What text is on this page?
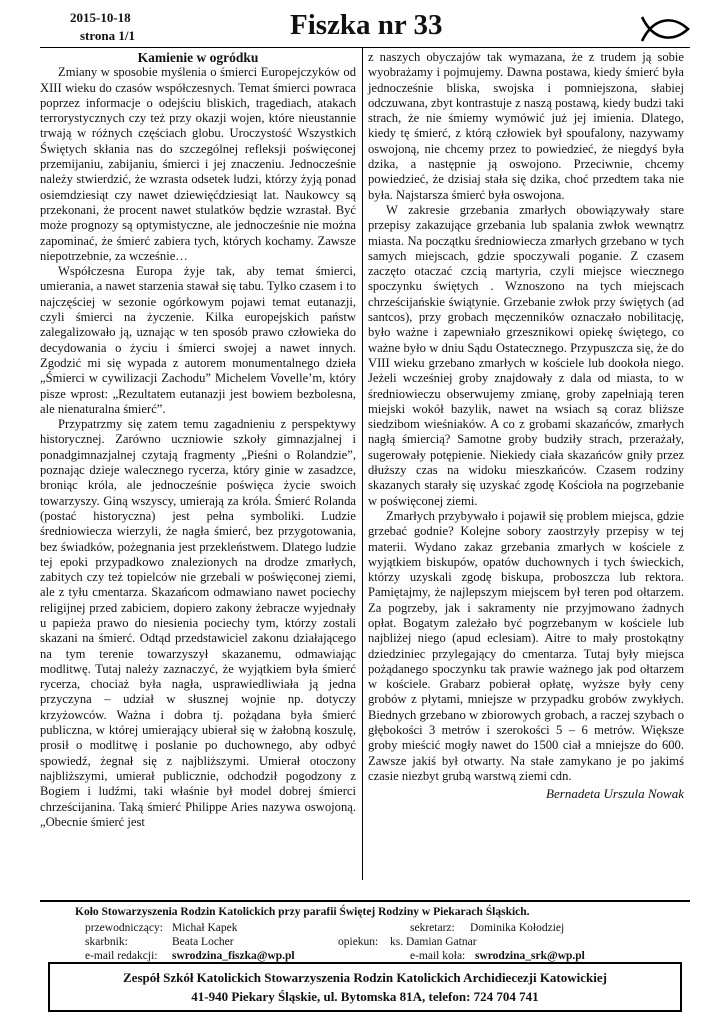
2015-10-18
strona 1/1	Fiszka nr 33

Kamienie w ogródku

Zmiany w sposobie myślenia o śmierci Europejczyków od XIII wieku do czasów współczesnych. Temat śmierci powraca poprzez informacje o odejściu bliskich, tragediach, atakach terrorystycznych czy też przy okazji wojen, które nieustannie trwają w różnych częściach globu. Uroczystość Wszystkich Świętych skłania nas do szczególnej refleksji poświęconej przemijaniu, zabijaniu, śmierci i jej znaczeniu. Jednocześnie należy stwierdzić, że wzrasta odsetek ludzi, którzy żyją ponad osiemdziesiąt czy nawet dziewięćdziesiąt lat. Naukowcy są przekonani, że procent nawet stulatków będzie wzrastał. Być może prognozy są optymistyczne, ale jednocześnie nie można zapominać, że śmierć zabiera tych, których kochamy. Zawsze niepotrzebnie, za wcześnie…

Współczesna Europa żyje tak, aby temat śmierci, umierania, a nawet starzenia stawał się tabu. Tylko czasem i to najczęściej w sezonie ogórkowym pojawi temat eutanazji, czyli śmierci na życzenie. Kilka europejskich państw zalegalizowało ją, uznając w ten sposób prawo człowieka do decydowania o życiu i śmierci swojej a nawet innych. Zgodzić mi się wypada z autorem monumentalnego dzieła „Śmierci w cywilizacji Zachodu” Michelem Vovelle’m, który pisze wprost: „Rezultatem eutanazji jest bowiem bezbolesna, ale nienaturalna śmierć”.

Przypatrzmy się zatem temu zagadnieniu z perspektywy historycznej. Zarówno uczniowie szkoły gimnazjalnej i ponadgimnazjalnej czytają fragmenty „Pieśni o Rolandzie”, poznając dzieje walecznego rycerza, który ginie w zasadzce, broniąc króla, ale jednocześnie poświęca życie swoich towarzyszy. Giną wszyscy, umierają za króla. Śmierć Rolanda (postać historyczna) jest pełna symboliki. Ludzie średniowiecza wierzyli, że nagła śmierć, bez przygotowania, bez świadków, pożegnania jest przekleństwem. Dlatego ludzie tej epoki przypadkowo znalezionych na drodze zmarłych, zabitych czy też topielców nie grzebali w poświęconej ziemi, ale z tyłu cmentarza. Skazańcom odmawiano nawet pociechy religijnej przed zabiciem, dopiero zakony żebracze wyjednały u papieża prawo do niesienia pociechy tym, którzy zostali skazani na śmierć. Odtąd przedstawiciel zakonu działającego na tym terenie towarzyszył skazanemu, odmawiając modlitwę. Tutaj należy zaznaczyć, że wyjątkiem była śmierć rycerza, chociaż była nagła, usprawiedliwiała ją jedna przyczyna – udział w słusznej wojnie np. dotyczy krzyżowców. Ważna i dobra tj. pożądana była śmierć publiczna, w której umierający ubierał się w żałobną koszulę, prosił o modlitwę i poslanie po duchownego, aby odbyć spowiedź, żegnał się z najbliższymi. Umierał otoczony najbliższymi, umierał publicznie, odchodził pogodzony z Bogiem i ludźmi, taki właśnie był model dobrej śmierci chrześcijanina. Taką śmierć Philippe Aries nazywa oswojoną. „Obecnie śmierć jest

z naszych obyczajów tak wymazana, że z trudem ją sobie wyobrażamy i pojmujemy. Dawna postawa, kiedy śmierć była jednocześnie bliska, swojska i pomniejszona, słabiej odczuwana, zbyt kontrastuje z naszą postawą, kiedy budzi taki strach, że nie śmiemy wymówić już jej imienia. Dlatego, kiedy tę śmierć, z którą człowiek był spoufalony, nazywamy oswojoną, nie chcemy przez to powiedzieć, że niegdyś była dzika, a następnie ją oswojono. Przeciwnie, chcemy powiedzieć, że dzisiaj stała się dzika, choć przedtem taka nie była. Najstarsza śmierć była oswojona.

W zakresie grzebania zmarłych obowiązywały stare przepisy zakazujące grzebania lub spalania zwłok wewnątrz miasta. Na początku średniowiecza zmarłych grzebano w tych samych miejscach, gdzie spoczywali poganie. Z czasem zaczęto otaczać czcią martyria, czyli miejsce wiecznego spoczynku świętych . Wznoszono na tych miejscach chrześcijańskie świątynie. Grzebanie zwłok przy świętych (ad santcos), przy grobach męczenników oznaczało nobilitację, było ważne i zapewniało grzesznikowi opiekę świętego, co ważne było w dniu Sądu Ostatecznego. Przypuszcza się, że do VIII wieku grzebano zmarłych w kościele lub dookoła niego. Jeżeli wcześniej groby znajdowały z dala od miasta, to w średniowieczu obserwujemy zmianę, groby zapełniają teren miejski wokół bazylik, nawet na wsiach są coraz bliższe siedzibom wieśniaków. A co z grobami skazańców, zmarłych nagłą śmiercią? Samotne groby budziły strach, przerażały, sugerowały potępienie. Niekiedy ciała skazańców gniły przez dłuższy czas na widoku mieszkańców. Czasem rodziny skazanych starały się uzyskać zgodę Kościoła na pogrzebanie w poświęconej ziemi.

Zmarłych przybywało i pojawił się problem miejsca, gdzie grzebać godnie? Kolejne sobory zaostrzyły przepisy w tej materii. Wydano zakaz grzebania zmarłych w kościele z wyjątkiem biskupów, opatów duchownych i tych świeckich, którzy uzyskali zgodę biskupa, proboszcza lub rektora. Pamiętajmy, że najlepszym miejscem był teren pod ołtarzem. Za pogrzeby, jak i sakramenty nie przyjmowano żadnych opłat. Bogatym zależało być pogrzebanym w kościele lub najbliżej niego (apud eclesiam). Aitre to mały prostokątny dziedziniec przylegający do cmentarza. Tutaj były miejsca pożądanego spoczynku tak prawie ważnego jak pod ołtarzem w kościele. Grabarz pobierał opłatę, wyższe były ceny grobów z płytami, mniejsze w przypadku grobów zwykłych. Biednych grzebano w zbiorowych grobach, a raczej szybach o głębokości 3 metrów i szerokości 5 – 6 metrów. Większe groby mieścić mogły nawet do 1500 ciał a mniejsze do 600. Zawsze jakiś był otwarty. Na stałe zamykano je po jakimś czasie niezbyt grubą warstwą ziemi cdn.

Bernadeta Urszula Nowak
Koło Stowarzyszenia Rodzin Katolickich przy parafii Świętej Rodziny w Piekarach Śląskich.
przewodniczący: Michał Kapek	sekretarz: Dominika Kołodziej
skarbnik:	Beata Locher	opiekun: ks. Damian Gatnar
e-mail redakcji: swrodzina_fiszka@wp.pl	e-mail koła: swrodzina_srk@wp.pl
Zespół Szkół Katolickich Stowarzyszenia Rodzin Katolickich Archidiecezji Katowickiej
41-940 Piekary Śląskie, ul. Bytomska 81A, telefon: 724 704 741
